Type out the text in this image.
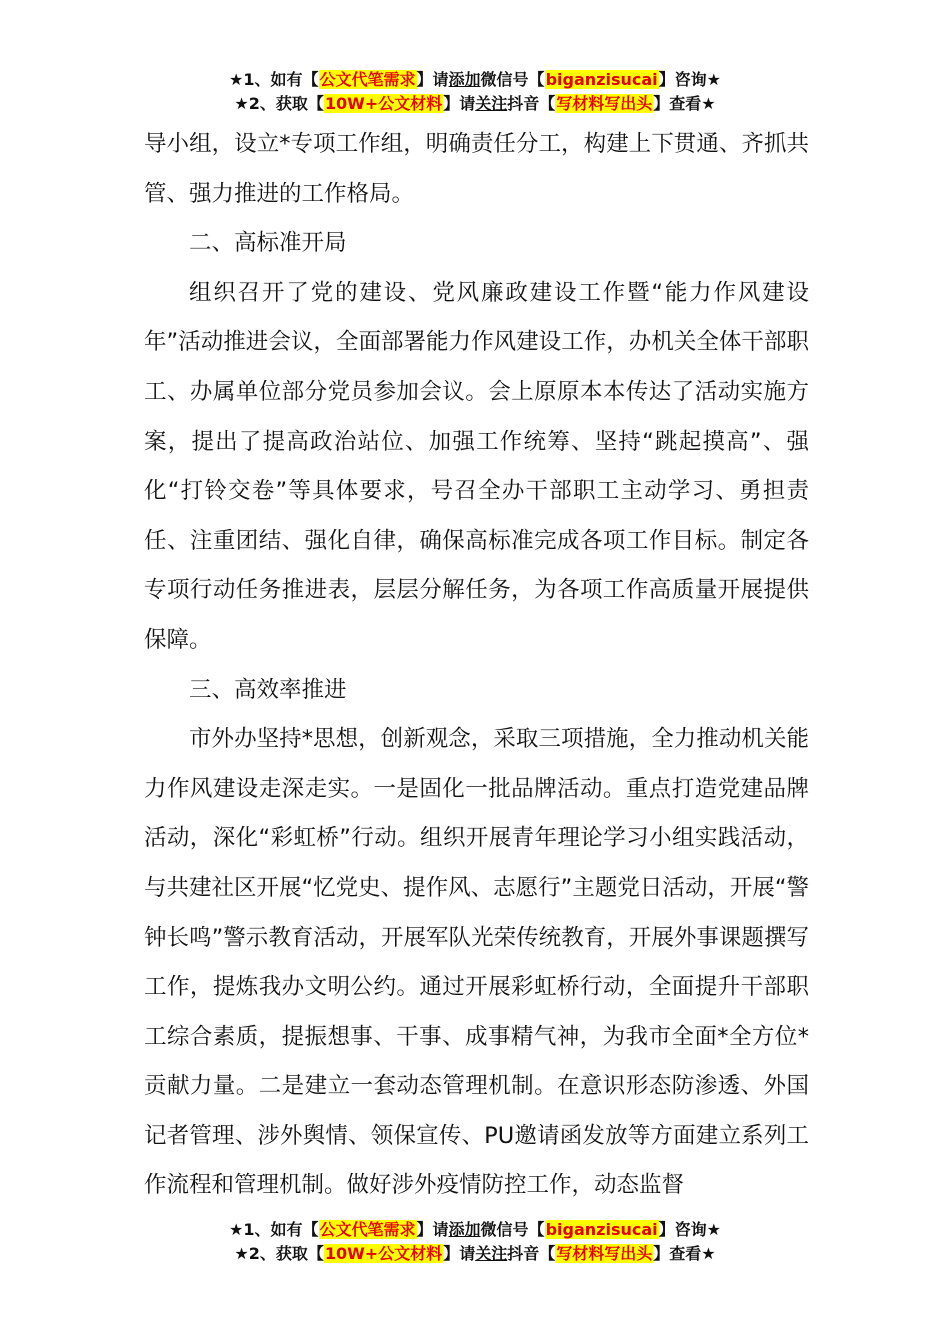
★1、如有【公文代笔需求】请添加微信号【biganzisucai】咨询★
★2、获取【10W+公文材料】请关注抖音【写材料写出头】查看★

导小组，设立*专项工作组，明确责任分工，构建上下贯通、齐抓共管、强力推进的工作格局。

二、高标准开局

组织召开了党的建设、党风廉政建设工作暨“能力作风建设年”活动推进会议，全面部署能力作风建设工作，办机关全体干部职工、办属单位部分党员参加会议。会上原原本本传达了活动实施方案，提出了提高政治站位、加强工作统筹、坚持“跳起摸高”、强化“打铃交卷”等具体要求，号召全办干部职工主动学习、勇担责任、注重团结、强化自律，确保高标准完成各项工作目标。制定各专项行动任务推进表，层层分解任务，为各项工作高质量开展提供保障。

三、高效率推进

市外办坚持*思想，创新观念，采取三项措施，全力推动机关能力作风建设走深走实。一是固化一批品牌活动。重点打造党建品牌活动，深化“彩虹桥”行动。组织开展青年理论学习小组实践活动，与共建社区开展“忆党史、提作风、志愿行”主题党日活动，开展“警钟长鸣”警示教育活动，开展军队光荣传统教育，开展外事课题撰写工作，提炼我办文明公约。通过开展彩虹桥行动，全面提升干部职工综合素质，提振想事、干事、成事精气神，为我市全面*全方位*贡献力量。二是建立一套动态管理机制。在意识形态防渗透、外国记者管理、涉外舆情、领保宣传、PU邀请函发放等方面建立系列工作流程和管理机制。做好涉外疫情防控工作，动态监督

★1、如有【公文代笔需求】请添加微信号【biganzisucai】咨询★
★2、获取【10W+公文材料】请关注抖音【写材料写出头】查看★
